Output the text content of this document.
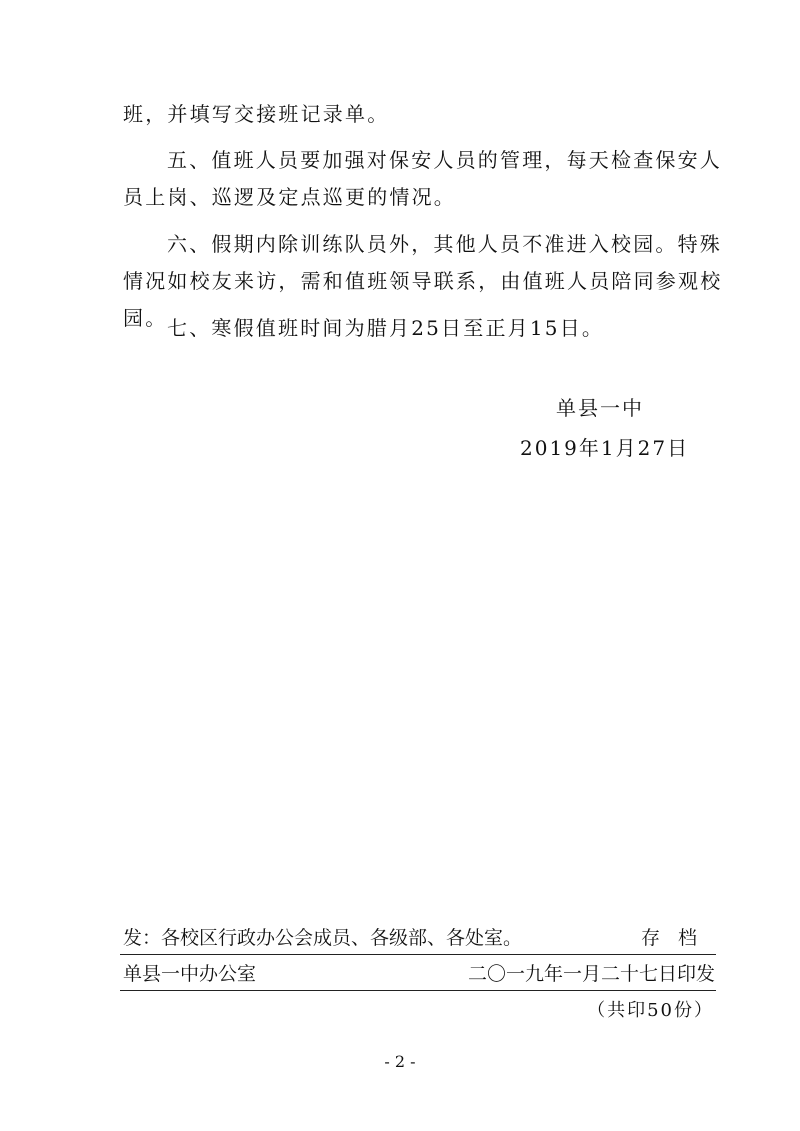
班，并填写交接班记录单。

五、值班人员要加强对保安人员的管理，每天检查保安人员上岗、巡逻及定点巡更的情况。

六、假期内除训练队员外，其他人员不准进入校园。特殊情况如校友来访，需和值班领导联系，由值班人员陪同参观校园。 七、寒假值班时间为腊月25日至正月15日。

单县一中
2019年1月27日
发：各校区行政办公会成员、各级部、各处室。	存档
单县一中办公室	二〇一九年一月二十七日印发
（共印50份）
- 2 -
